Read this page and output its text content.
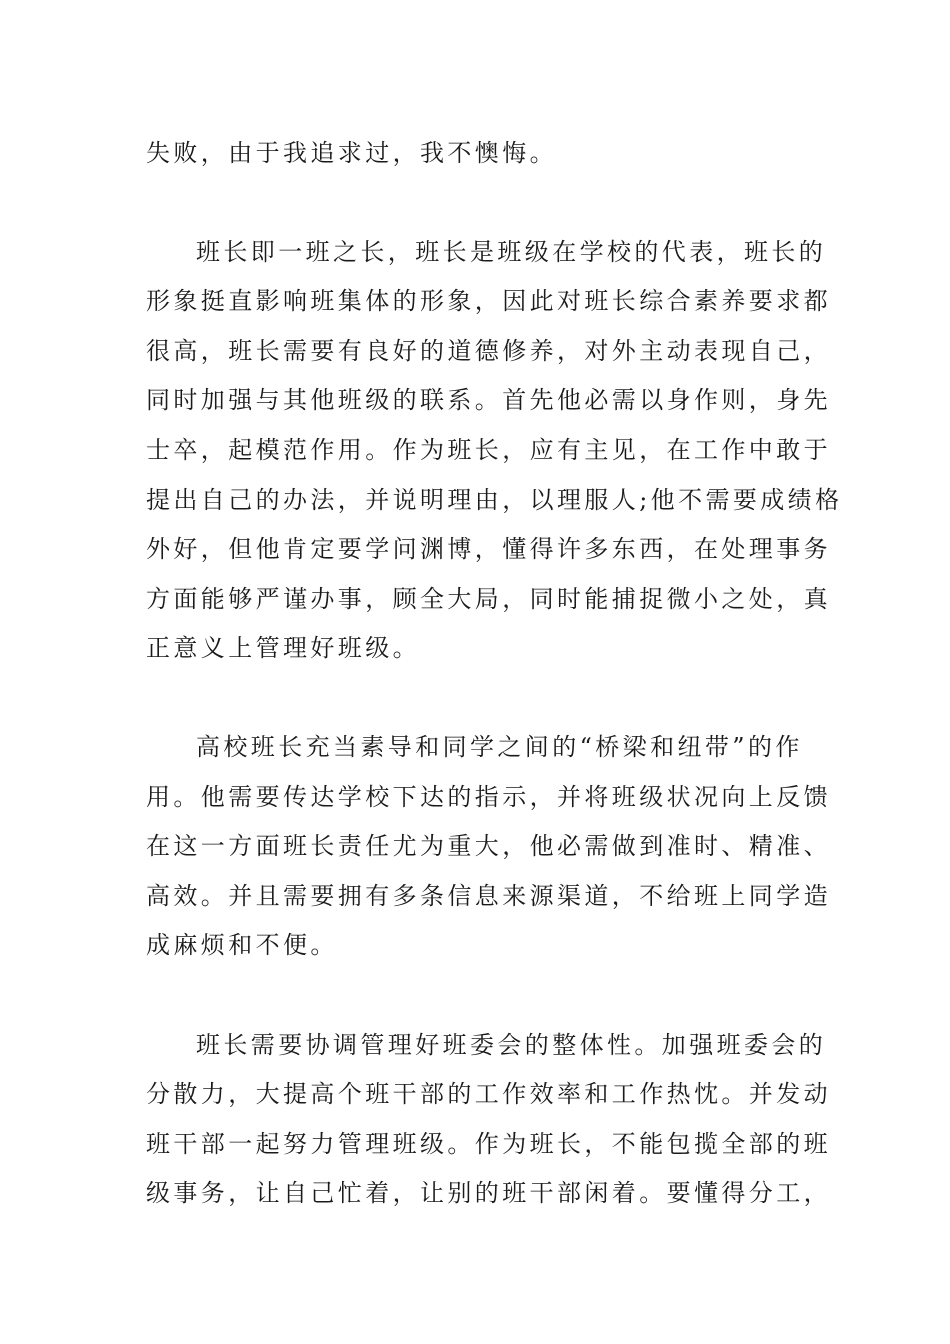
失败，由于我追求过，我不懊悔。
班长即一班之长，班长是班级在学校的代表，班长的
形象挺直影响班集体的形象，因此对班长综合素养要求都
很高，班长需要有良好的道德修养，对外主动表现自己，
同时加强与其他班级的联系。首先他必需以身作则，身先
士卒，起模范作用。作为班长，应有主见，在工作中敢于
提出自己的办法，并说明理由，以理服人;他不需要成绩格
外好，但他肯定要学问渊博，懂得许多东西，在处理事务
方面能够严谨办事，顾全大局，同时能捕捉微小之处，真
正意义上管理好班级。
高校班长充当素导和同学之间的“桥梁和纽带”的作
用。他需要传达学校下达的指示，并将班级状况向上反馈
在这一方面班长责任尤为重大，他必需做到准时、精准、
高效。并且需要拥有多条信息来源渠道，不给班上同学造
成麻烦和不便。
班长需要协调管理好班委会的整体性。加强班委会的
分散力，大提高个班干部的工作效率和工作热忱。并发动
班干部一起努力管理班级。作为班长，不能包揽全部的班
级事务，让自己忙着，让别的班干部闲着。要懂得分工，
